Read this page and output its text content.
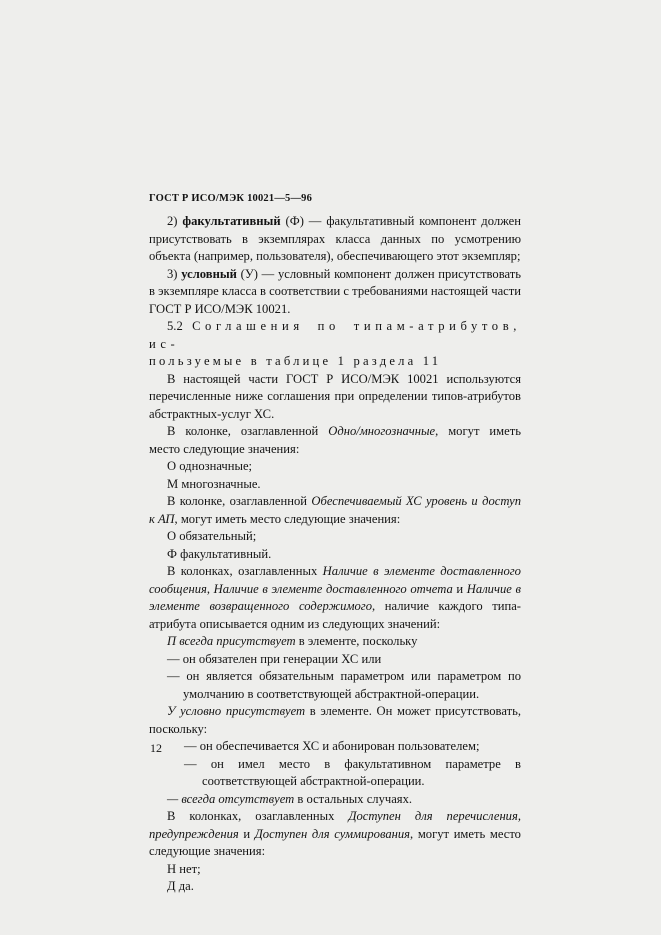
ГОСТ Р ИСО/МЭК 10021—5—96

2) факультативный (Ф) — факультативный компонент должен присутствовать в экземплярах класса данных по усмотрению объекта (например, пользователя), обеспечивающего этот экземпляр;

3) условный (У) — условный компонент должен присутствовать в экземпляре класса в соответствии с требованиями настоящей части ГОСТ Р ИСО/МЭК 10021.

5.2 Соглашения по типам-атрибутов, ис-
пользуемые в таблице 1 раздела 11

В настоящей части ГОСТ Р ИСО/МЭК 10021 используются перечисленные ниже соглашения при определении типов-атрибутов абстрактных-услуг ХС.

В колонке, озаглавленной Одно/многозначные, могут иметь место следующие значения:

О однозначные;

М многозначные.

В колонке, озаглавленной Обеспечиваемый ХС уровень и доступ к АП, могут иметь место следующие значения:

О обязательный;

Ф факультативный.

В колонках, озаглавленных Наличие в элементе доставленного сообщения, Наличие в элементе доставленного отчета и Наличие в элементе возвращенного содержимого, наличие каждого типа-атрибута описывается одним из следующих значений:

П всегда присутствует в элементе, поскольку

— он обязателен при генерации ХС или

— он является обязательным параметром или параметром по умолчанию в соответствующей абстрактной-операции.

У условно присутствует в элементе. Он может присутствовать, поскольку:

— он обеспечивается ХС и абонирован пользователем;

— он имел место в факультативном параметре в соответствующей абстрактной-операции.

— всегда отсутствует в остальных случаях.

В колонках, озаглавленных Доступен для перечисления, предупреждения и Доступен для суммирования, могут иметь место следующие значения:

Н нет;

Д да.

12
